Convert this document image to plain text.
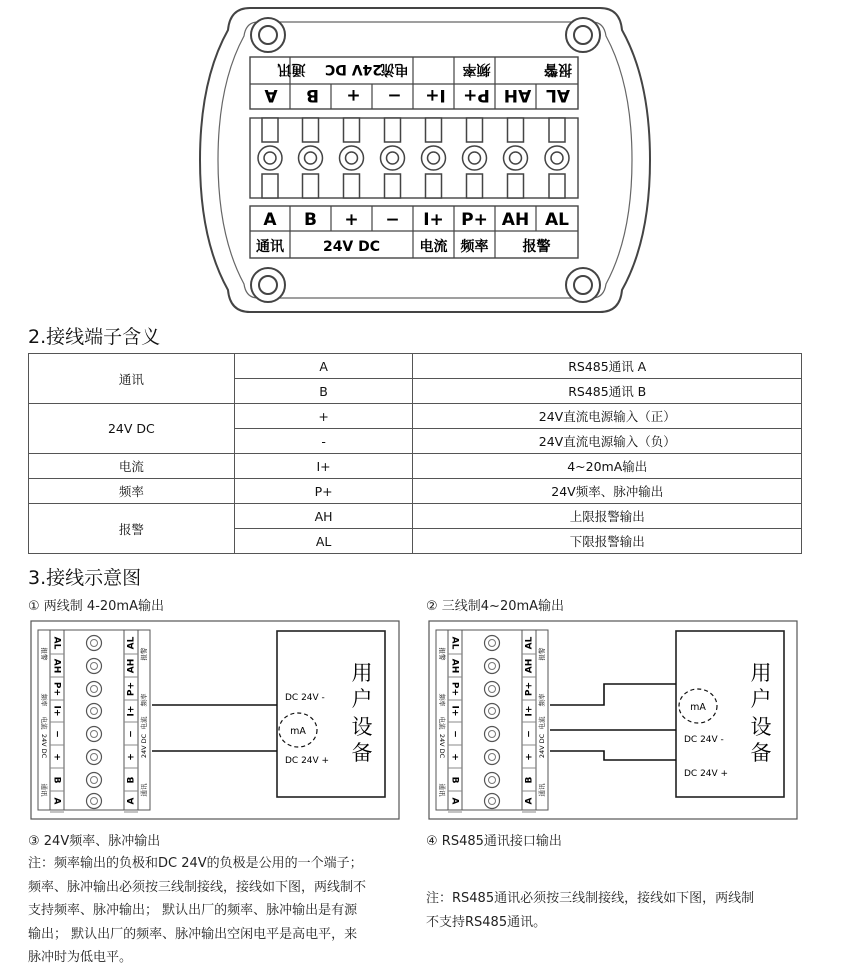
AL
AH
P+
I+
−
+
B
A
报警
频率
电流
24V DC
通讯
A B + − I+ P+ AH AL
通讯	24V DC	电流 频率 报警
2.接线端子含义
通讯	A	RS485通讯 A
	B	RS485通讯 B
24V DC	+	24V直流电源输入（正）
	-	24V直流电源输入（负）
电流	I+	4~20mA输出
频率	P+	24V频率、脉冲输出
报警	AH	上限报警输出
	AL	下限报警输出
3.接线示意图
① 两线制 4-20mA输出	② 三线制4~20mA输出
AL	AL
AH	AH
P+	P+
I+	I+
−	−
+	+
B	B
A	A
报警	报警
频率	频率
电流	电流
24V DC	24V DC
通讯	通讯
mA
DC 24V -
DC 24V +
用
户
设
备
AL	AL
AH	AH
P+	P+
I+	I+
−	−
+	+
B	B
A	A
报警	报警
频率	频率
电流	电流
24V DC	24V DC
通讯	通讯
mA
DC 24V -
DC 24V +
用
户
设
备
③ 24V频率、脉冲输出	④ RS485通讯接口输出
注：频率输出的负极和DC 24V的负极是公用的一个端子；
频率、脉冲输出必须按三线制接线，接线如下图，两线制不
支持频率、脉冲输出； 默认出厂的频率、脉冲输出是有源
输出； 默认出厂的频率、脉冲输出空闲电平是高电平，来
脉冲时为低电平。
注：RS485通讯必须按三线制接线，接线如下图，两线制
不支持RS485通讯。
